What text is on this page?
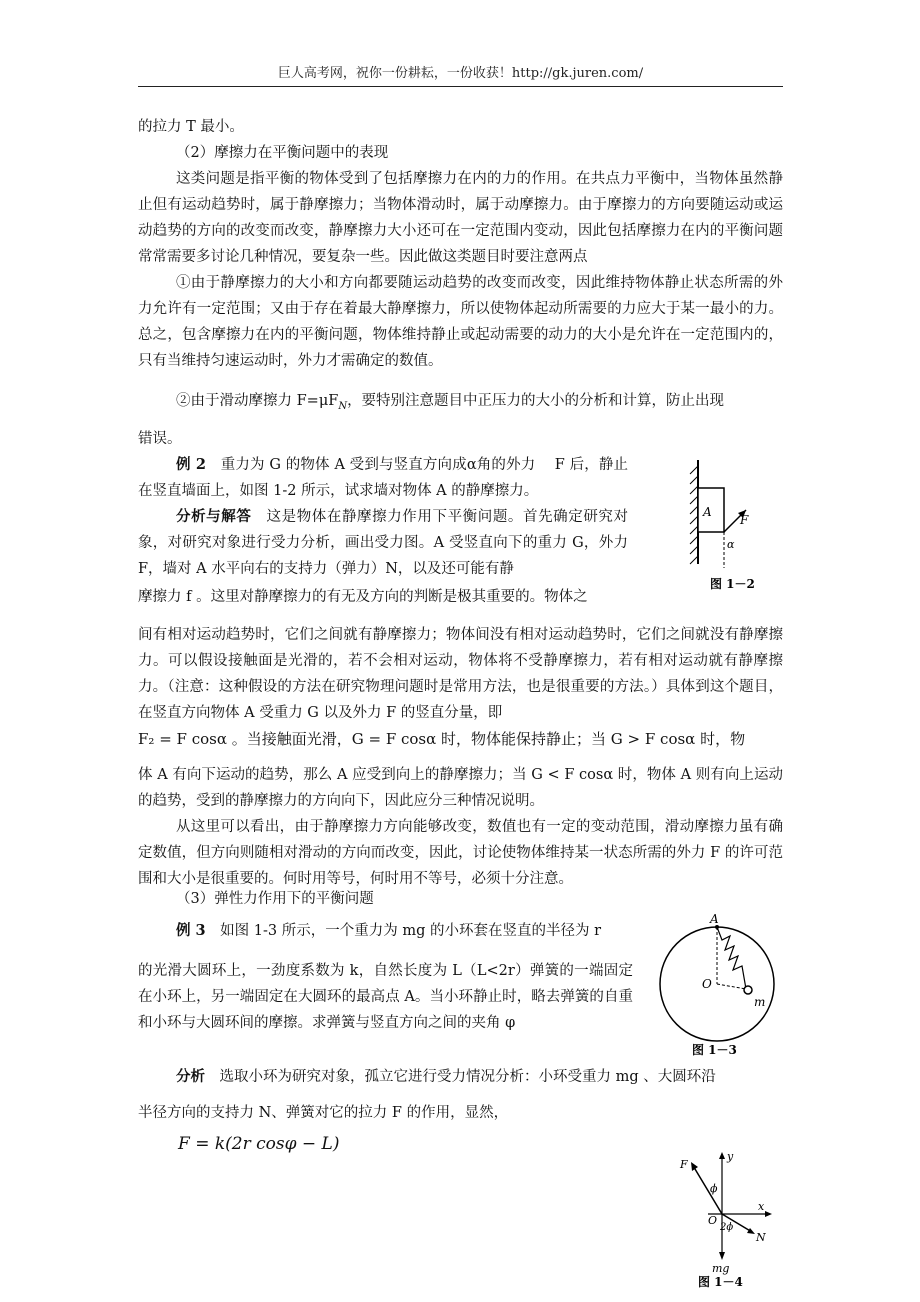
巨人高考网，祝你一份耕耘，一份收获！http://gk.juren.com/

的拉力 T 最小。

（2）摩擦力在平衡问题中的表现

这类问题是指平衡的物体受到了包括摩擦力在内的力的作用。在共点力平衡中，当物体虽然静止但有运动趋势时，属于静摩擦力；当物体滑动时，属于动摩擦力。由于摩擦力的方向要随运动或运动趋势的方向的改变而改变，静摩擦力大小还可在一定范围内变动，因此包括摩擦力在内的平衡问题常常需要多讨论几种情况，要复杂一些。因此做这类题目时要注意两点

①由于静摩擦力的大小和方向都要随运动趋势的改变而改变，因此维持物体静止状态所需的外力允许有一定范围；又由于存在着最大静摩擦力，所以使物体起动所需要的力应大于某一最小的力。总之，包含摩擦力在内的平衡问题，物体维持静止或起动需要的动力的大小是允许在一定范围内的，只有当维持匀速运动时，外力才需确定的数值。

②由于滑动摩擦力 $F=\mu F_N$，要特别注意题目中正压力的大小的分析和计算，防止出现

错误。

例 2　 重力为 G 的物体 A 受到与竖直方向成α角的外力　 F 后，静止在竖直墙面上，如图 1-2 所示，试求墙对物体 A 的静摩擦力。

分析与解答　 这是物体在静摩擦力作用下平衡问题。首先确定研究对象，对研究对象进行受力分析，画出受力图。A 受竖直向下的重力 G，外力 F，墙对 A 水平向右的支持力（弹力）N，以及还可能有静

摩擦力 f 。这里对静摩擦力的有无及方向的判断是极其重要的。物体之

A
F
α
图 1－2

间有相对运动趋势时，它们之间就有静摩擦力；物体间没有相对运动趋势时，它们之间就没有静摩擦力。可以假设接触面是光滑的，若不会相对运动，物体将不受静摩擦力，若有相对运动就有静摩擦力。（注意：这种假设的方法在研究物理问题时是常用方法，也是很重要的方法。）具体到这个题目，在竖直方向物体 A 受重力 G 以及外力 F 的竖直分量，即

F₂ = F cosα 。当接触面光滑，G = F cosα 时，物体能保持静止；当 G > F cosα 时，物

体 A 有向下运动的趋势，那么 A 应受到向上的静摩擦力；当 G < F cosα 时，物体 A 则有向上运动的趋势，受到的静摩擦力的方向向下，因此应分三种情况说明。

从这里可以看出，由于静摩擦力方向能够改变，数值也有一定的变动范围，滑动摩擦力虽有确定数值，但方向则随相对滑动的方向而改变，因此，讨论使物体维持某一状态所需的外力 F 的许可范围和大小是很重要的。何时用等号，何时用不等号，必须十分注意。

（3）弹性力作用下的平衡问题

例 3　 如图 1-3 所示，一个重力为 mg 的小环套在竖直的半径为 r

的光滑大圆环上，一劲度系数为 k，自然长度为 L（L<2r）弹簧的一端固定在小环上，另一端固定在大圆环的最高点 A。当小环静止时，略去弹簧的自重和小环与大圆环间的摩擦。求弹簧与竖直方向之间的夹角 φ

A
O
m
图 1－3

分析　 选取小环为研究对象，孤立它进行受力情况分析：小环受重力 mg 、大圆环沿

半径方向的支持力 N、弹簧对它的拉力 F 的作用，显然，

F = k(2r cosφ − L)
F
y
x
ϕ
O
2ϕ
N
mg
图 1－4
